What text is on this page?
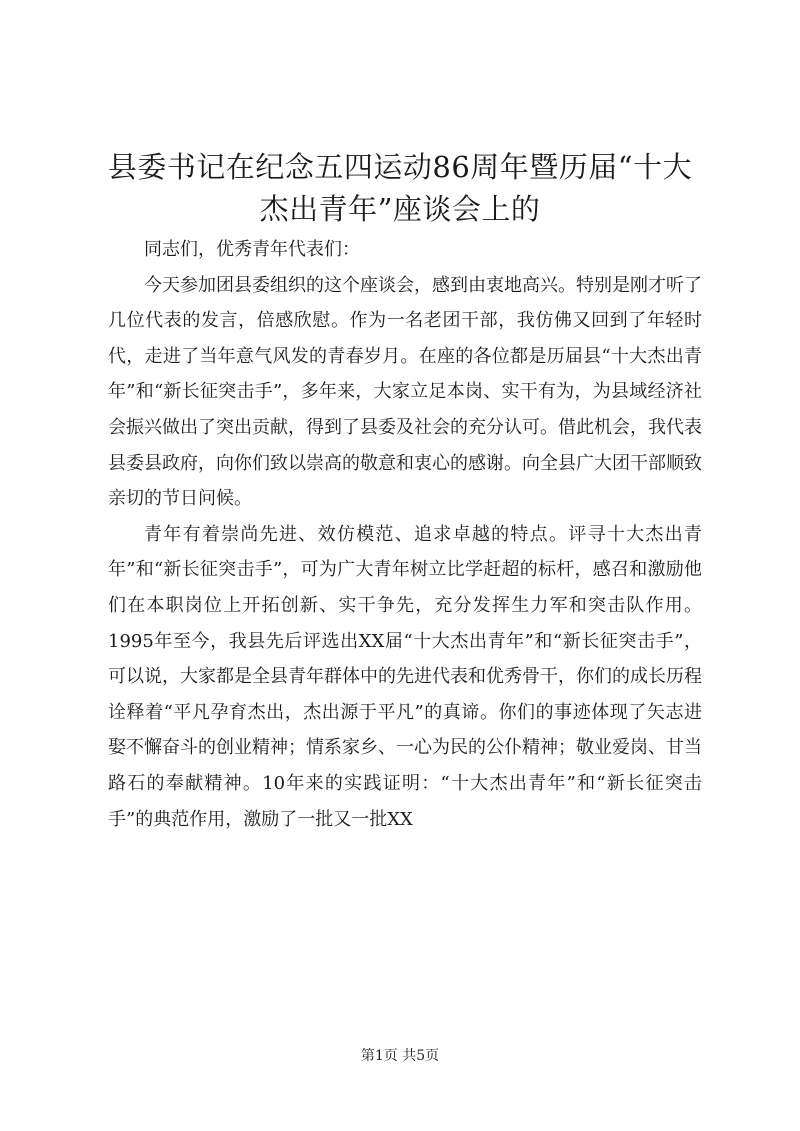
县委书记在纪念五四运动86周年暨历届“十大杰出青年”座谈会上的

同志们，优秀青年代表们：

今天参加团县委组织的这个座谈会，感到由衷地高兴。特别是刚才听了几位代表的发言，倍感欣慰。作为一名老团干部，我仿佛又回到了年轻时代，走进了当年意气风发的青春岁月。在座的各位都是历届县“十大杰出青年”和“新长征突击手”，多年来，大家立足本岗、实干有为，为县域经济社会振兴做出了突出贡献，得到了县委及社会的充分认可。借此机会，我代表县委县政府，向你们致以崇高的敬意和衷心的感谢。向全县广大团干部顺致亲切的节日问候。

青年有着崇尚先进、效仿模范、追求卓越的特点。评寻十大杰出青年”和“新长征突击手”，可为广大青年树立比学赶超的标杆，感召和激励他们在本职岗位上开拓创新、实干争先，充分发挥生力军和突击队作用。1995年至今，我县先后评选出XX届“十大杰出青年”和“新长征突击手”，可以说，大家都是全县青年群体中的先进代表和优秀骨干，你们的成长历程诠释着“平凡孕育杰出，杰出源于平凡”的真谛。你们的事迹体现了矢志进娶不懈奋斗的创业精神；情系家乡、一心为民的公仆精神；敬业爱岗、甘当路石的奉献精神。10年来的实践证明：“十大杰出青年”和“新长征突击手”的典范作用，激励了一批又一批XX

第1页 共5页
